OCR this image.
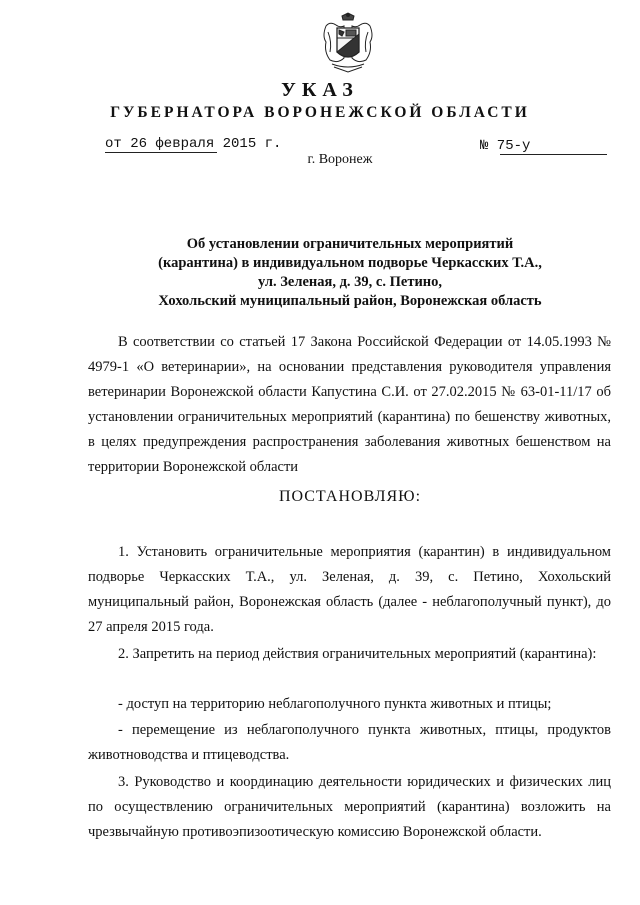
УКАЗ
ГУБЕРНАТОРА ВОРОНЕЖСКОЙ ОБЛАСТИ
от 26 февраля 2015 г.	№ 75-у
г. Воронеж
Об установлении ограничительных мероприятий
(карантина) в индивидуальном подворье Черкасских Т.А.,
ул. Зеленая, д. 39, с. Петино,
Хохольский муниципальный район, Воронежская область
В соответствии со статьей 17 Закона Российской Федерации от 14.05.1993 № 4979-1 «О ветеринарии», на основании представления руководителя управления ветеринарии Воронежской области Капустина С.И. от 27.02.2015 № 63-01-11/17 об установлении ограничительных мероприятий (карантина) по бешенству животных, в целях предупреждения распространения заболевания животных бешенством на территории Воронежской области
ПОСТАНОВЛЯЮ:
1. Установить ограничительные мероприятия (карантин) в индивидуальном подворье Черкасских Т.А., ул. Зеленая, д. 39, с. Петино, Хохольский муниципальный район, Воронежская область (далее - неблагополучный пункт), до 27 апреля 2015 года.
2. Запретить на период действия ограничительных мероприятий (карантина):
- доступ на территорию неблагополучного пункта животных и птицы;
- перемещение из неблагополучного пункта животных, птицы, продуктов животноводства и птицеводства.
3. Руководство и координацию деятельности юридических и физических лиц по осуществлению ограничительных мероприятий (карантина) возложить на чрезвычайную противоэпизоотическую комиссию Воронежской области.
